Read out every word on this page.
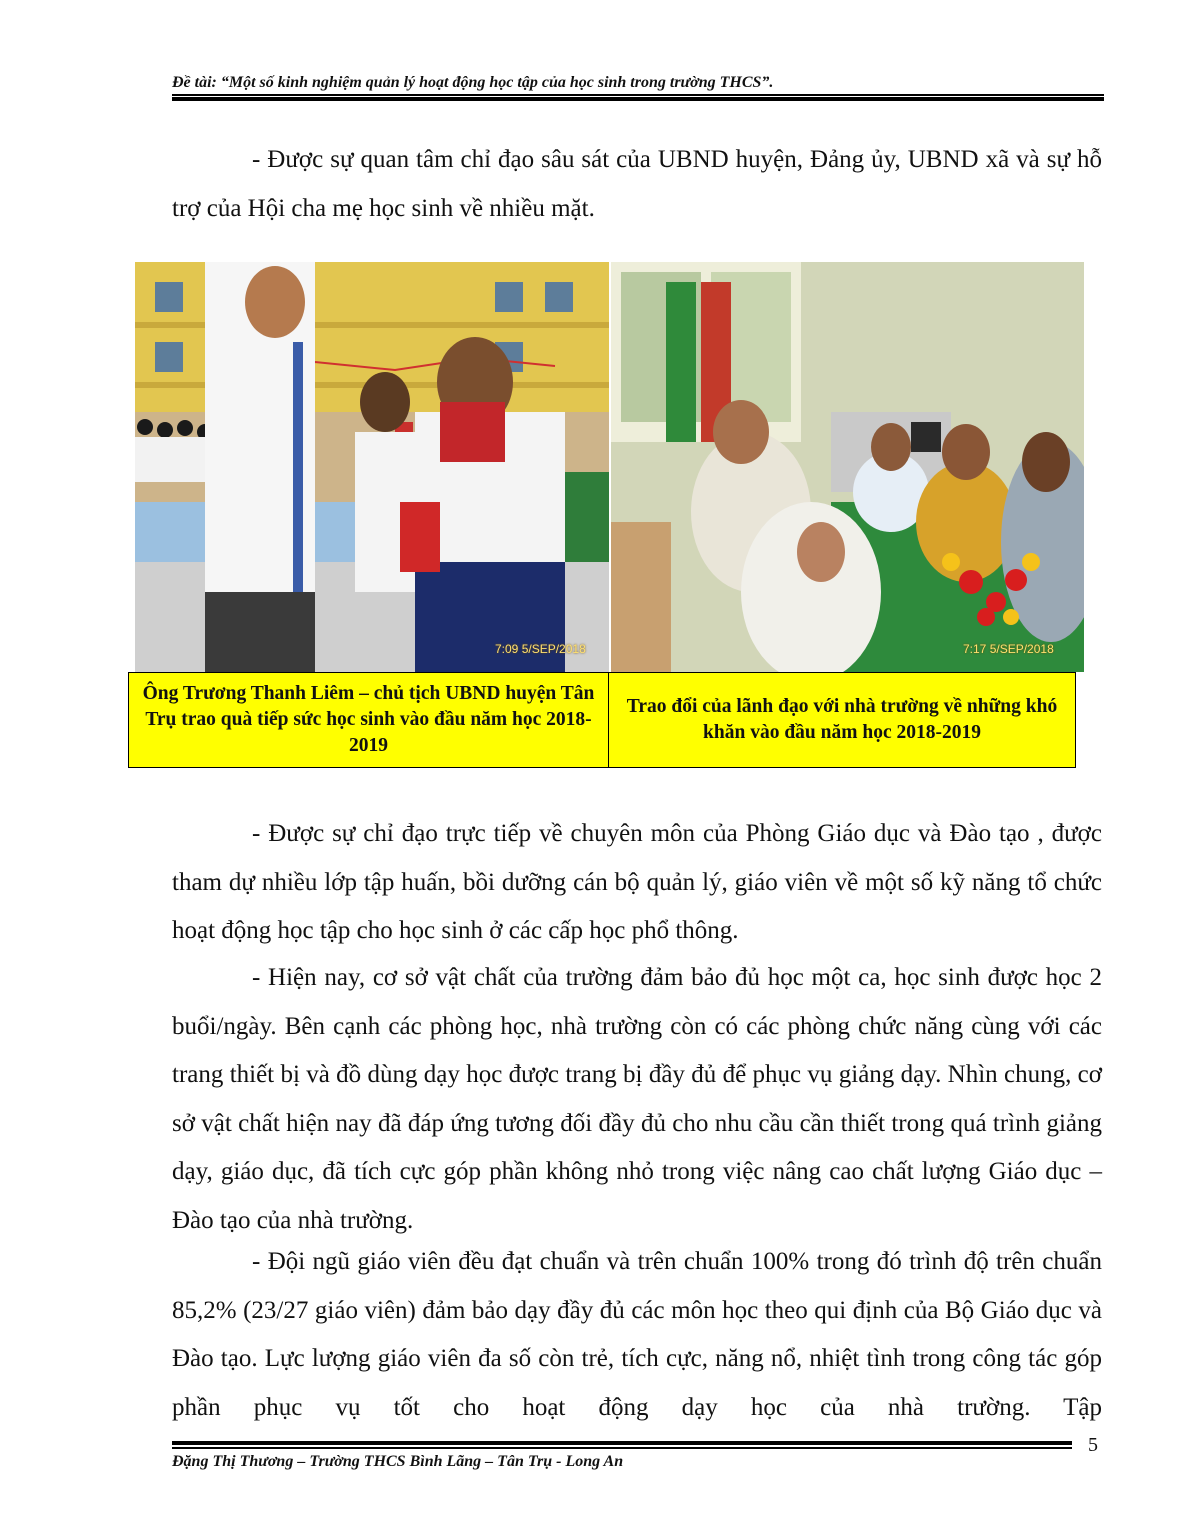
Đề tài: “Một số kinh nghiệm quản lý hoạt động học tập của học sinh trong trường THCS”.

- Được sự quan tâm chỉ đạo sâu sát của UBND huyện, Đảng ủy, UBND xã và sự hỗ trợ của Hội cha mẹ học sinh về nhiều mặt.

7:09 5/SEP/2018	7:17 5/SEP/2018
Ông Trương Thanh Liêm – chủ tịch UBND huyện Tân Trụ trao quà tiếp sức học sinh vào đầu năm học 2018-2019
Trao đổi của lãnh đạo với nhà trường về những khó khăn vào đầu năm học 2018-2019

- Được sự chỉ đạo trực tiếp về chuyên môn của Phòng Giáo dục và Đào tạo , được tham dự nhiều lớp tập huấn, bồi dưỡng cán bộ quản lý, giáo viên về một số kỹ năng tổ chức hoạt động học tập cho học sinh ở các cấp học phổ thông.

- Hiện nay, cơ sở vật chất của trường đảm bảo đủ học một ca, học sinh được học 2 buổi/ngày. Bên cạnh các phòng học, nhà trường còn có các phòng chức năng cùng với các trang thiết bị và đồ dùng dạy học được trang bị đầy đủ để phục vụ giảng dạy. Nhìn chung, cơ sở vật chất hiện nay đã đáp ứng tương đối đầy đủ cho nhu cầu cần thiết trong quá trình giảng dạy, giáo dục, đã tích cực góp phần không nhỏ trong việc nâng cao chất lượng Giáo dục – Đào tạo của nhà trường.

- Đội ngũ giáo viên đều đạt chuẩn và trên chuẩn 100% trong đó trình độ trên chuẩn 85,2% (23/27 giáo viên) đảm bảo dạy đầy đủ các môn học theo qui định của Bộ Giáo dục và Đào tạo. Lực lượng giáo viên đa số còn trẻ, tích cực, năng nổ, nhiệt tình trong công tác góp phần phục vụ tốt cho hoạt động dạy học của nhà trường. Tập

Đặng Thị Thương – Trường THCS Bình Lãng – Tân Trụ - Long An
5
